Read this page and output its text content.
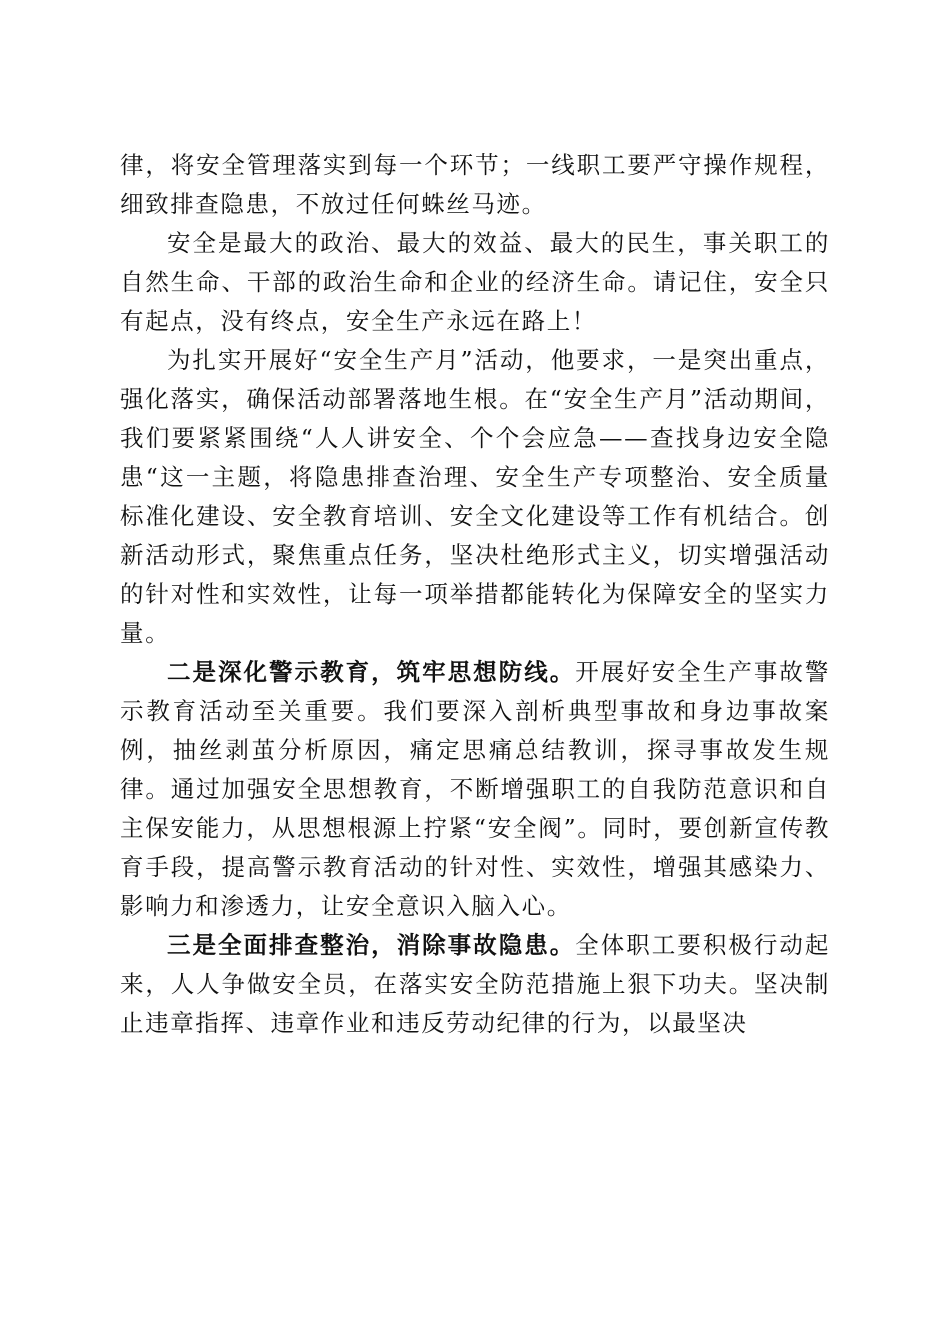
律，将安全管理落实到每一个环节；一线职工要严守操作规程，细致排查隐患，不放过任何蛛丝马迹。

安全是最大的政治、最大的效益、最大的民生，事关职工的自然生命、干部的政治生命和企业的经济生命。请记住，安全只有起点，没有终点，安全生产永远在路上！

为扎实开展好“安全生产月”活动，他要求，一是突出重点，强化落实，确保活动部署落地生根。在“安全生产月”活动期间，我们要紧紧围绕“人人讲安全、个个会应急——查找身边安全隐患“这一主题，将隐患排查治理、安全生产专项整治、安全质量标准化建设、安全教育培训、安全文化建设等工作有机结合。创新活动形式，聚焦重点任务，坚决杜绝形式主义，切实增强活动的针对性和实效性，让每一项举措都能转化为保障安全的坚实力量。

二是深化警示教育，筑牢思想防线。开展好安全生产事故警示教育活动至关重要。我们要深入剖析典型事故和身边事故案例，抽丝剥茧分析原因，痛定思痛总结教训，探寻事故发生规律。通过加强安全思想教育，不断增强职工的自我防范意识和自主保安能力，从思想根源上拧紧“安全阀”。同时，要创新宣传教育手段，提高警示教育活动的针对性、实效性，增强其感染力、影响力和渗透力，让安全意识入脑入心。

三是全面排查整治，消除事故隐患。全体职工要积极行动起来，人人争做安全员，在落实安全防范措施上狠下功夫。坚决制止违章指挥、违章作业和违反劳动纪律的行为，以最坚决
